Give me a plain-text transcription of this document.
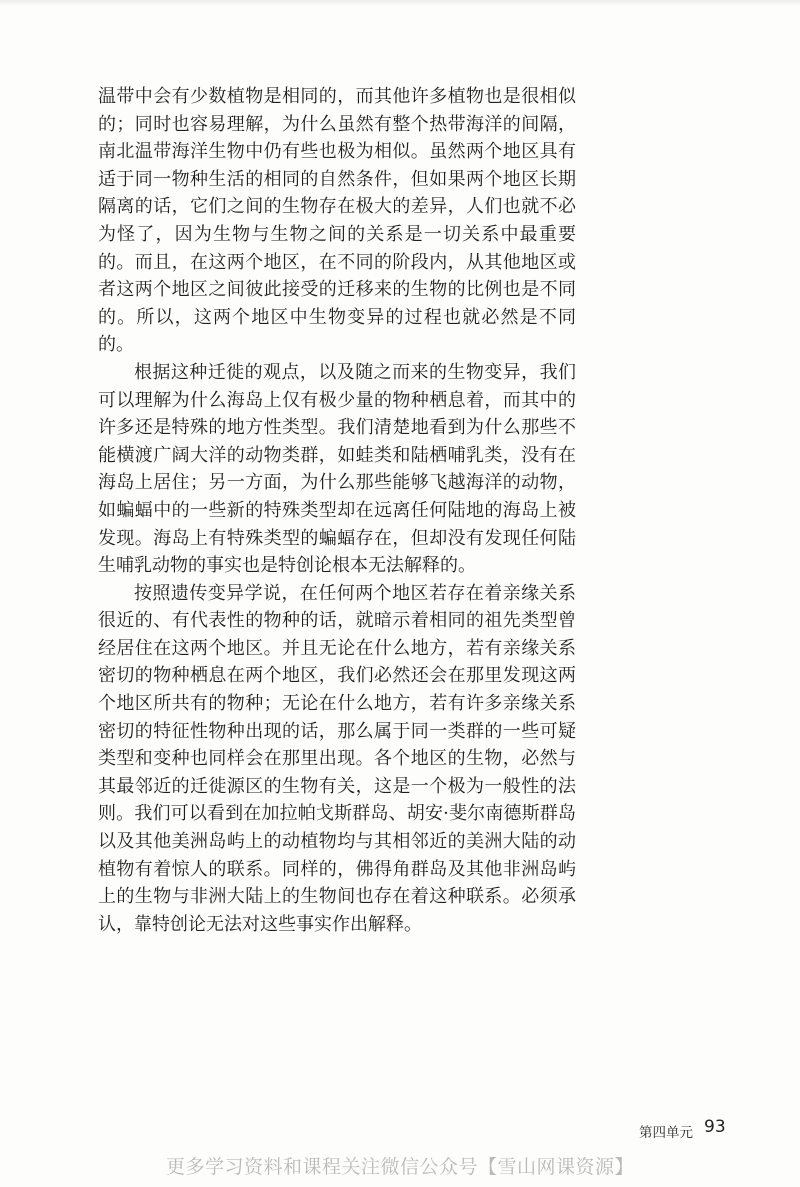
温带中会有少数植物是相同的，而其他许多植物也是很相似的；同时也容易理解，为什么虽然有整个热带海洋的间隔，南北温带海洋生物中仍有些也极为相似。虽然两个地区具有适于同一物种生活的相同的自然条件，但如果两个地区长期隔离的话，它们之间的生物存在极大的差异，人们也就不必为怪了，因为生物与生物之间的关系是一切关系中最重要的。而且，在这两个地区，在不同的阶段内，从其他地区或者这两个地区之间彼此接受的迁移来的生物的比例也是不同的。所以，这两个地区中生物变异的过程也就必然是不同的。

根据这种迁徙的观点，以及随之而来的生物变异，我们可以理解为什么海岛上仅有极少量的物种栖息着，而其中的许多还是特殊的地方性类型。我们清楚地看到为什么那些不能横渡广阔大洋的动物类群，如蛙类和陆栖哺乳类，没有在海岛上居住；另一方面，为什么那些能够飞越海洋的动物，如蝙蝠中的一些新的特殊类型却在远离任何陆地的海岛上被发现。海岛上有特殊类型的蝙蝠存在，但却没有发现任何陆生哺乳动物的事实也是特创论根本无法解释的。

按照遗传变异学说，在任何两个地区若存在着亲缘关系很近的、有代表性的物种的话，就暗示着相同的祖先类型曾经居住在这两个地区。并且无论在什么地方，若有亲缘关系密切的物种栖息在两个地区，我们必然还会在那里发现这两个地区所共有的物种；无论在什么地方，若有许多亲缘关系密切的特征性物种出现的话，那么属于同一类群的一些可疑类型和变种也同样会在那里出现。各个地区的生物，必然与其最邻近的迁徙源区的生物有关，这是一个极为一般性的法则。我们可以看到在加拉帕戈斯群岛、胡安·斐尔南德斯群岛以及其他美洲岛屿上的动植物均与其相邻近的美洲大陆的动植物有着惊人的联系。同样的，佛得角群岛及其他非洲岛屿上的生物与非洲大陆上的生物间也存在着这种联系。必须承认，靠特创论无法对这些事实作出解释。

第四单元 93
更多学习资料和课程关注微信公众号【雪山网课资源】
